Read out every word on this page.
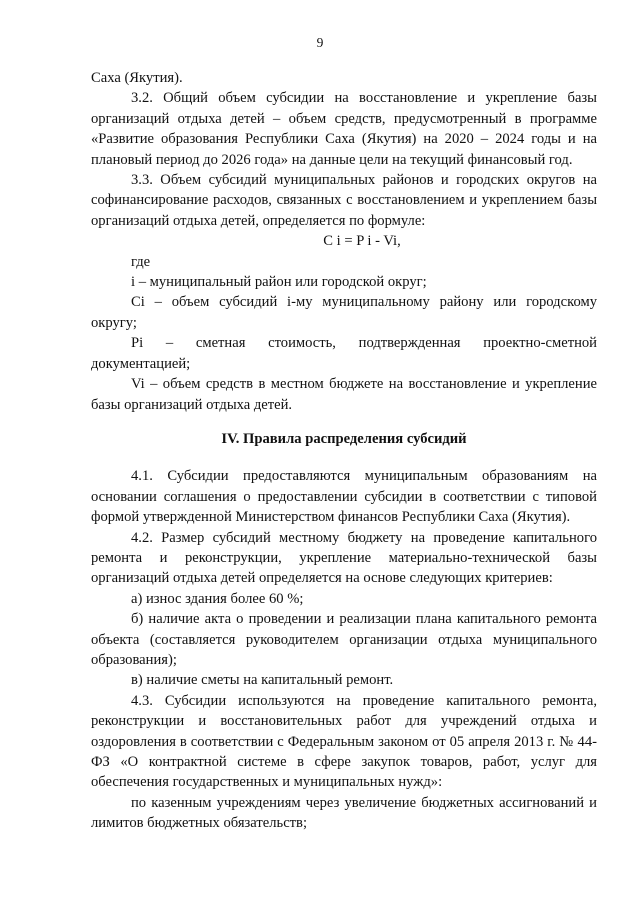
9

Саха (Якутия).

3.2. Общий объем субсидии на восстановление и укрепление базы организаций отдыха детей – объем средств, предусмотренный в программе «Развитие образования Республики Саха (Якутия) на 2020 – 2024 годы и на плановый период до 2026 года» на данные цели на текущий финансовый год.

3.3. Объем субсидий муниципальных районов и городских округов на софинансирование расходов, связанных с восстановлением и укреплением базы организаций отдыха детей, определяется по формуле:

C i = P i - Vi,

где

i – муниципальный район или городской округ;

Ci – объем субсидий i-му муниципальному району или городскому округу;

Pi – сметная стоимость, подтвержденная проектно-сметной

документацией;

Vi – объем средств в местном бюджете на восстановление и укрепление базы организаций отдыха детей.

IV. Правила распределения субсидий

4.1. Субсидии предоставляются муниципальным образованиям на основании соглашения о предоставлении субсидии в соответствии с типовой формой утвержденной Министерством финансов Республики Саха (Якутия).

4.2. Размер субсидий местному бюджету на проведение капитального ремонта и реконструкции, укрепление материально-технической базы организаций отдыха детей определяется на основе следующих критериев:

а) износ здания более 60 %;

б) наличие акта о проведении и реализации плана капитального ремонта объекта (составляется руководителем организации отдыха муниципального образования);

в) наличие сметы на капитальный ремонт.

4.3. Субсидии используются на проведение капитального ремонта, реконструкции и восстановительных работ для учреждений отдыха и оздоровления в соответствии с Федеральным законом от 05 апреля 2013 г. № 44-ФЗ «О контрактной системе в сфере закупок товаров, работ, услуг для обеспечения государственных и муниципальных нужд»:

по казенным учреждениям через увеличение бюджетных ассигнований и лимитов бюджетных обязательств;
